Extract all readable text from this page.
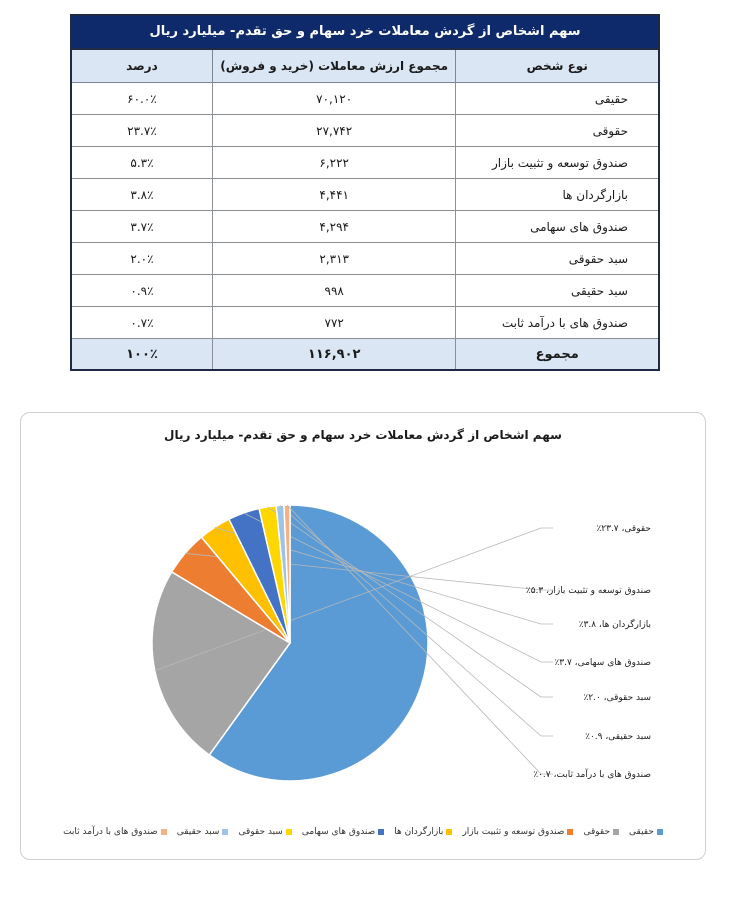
سهم اشخاص از گردش معاملات خرد سهام و حق تقدم- میلیارد ریال
نوع شخص	مجموع ارزش معاملات (خرید و فروش)	درصد
حقیقی	۷۰,۱۲۰	۶۰.۰٪
حقوقی	۲۷,۷۴۲	۲۳.۷٪
صندوق توسعه و تثبیت بازار	۶,۲۲۲	۵.۳٪
بازارگردان ها	۴,۴۴۱	۳.۸٪
صندوق های سهامی	۴,۲۹۴	۳.۷٪
سبد حقوقی	۲,۳۱۳	۲.۰٪
سبد حقیقی	۹۹۸	۰.۹٪
صندوق های با درآمد ثابت	۷۷۲	۰.۷٪
مجموع	۱۱۶,۹۰۲	۱۰۰٪
سهم اشخاص از گردش معاملات خرد سهام و حق تقدم- میلیارد ریال
حقوقی، ۲۳.۷٪
صندوق توسعه و تثبیت بازار، ۵.۳٪
بازارگردان ها، ۳.۸٪
صندوق های سهامی، ۳.۷٪
سبد حقوقی، ۲.۰٪
سبد حقیقی، ۰.۹٪
صندوق های با درآمد ثابت، ۰.۷٪
حقیقی
حقوقی
صندوق توسعه و تثبیت بازار
بازارگردان ها
صندوق های سهامی
سبد حقوقی
سبد حقیقی
صندوق های با درآمد ثابت
